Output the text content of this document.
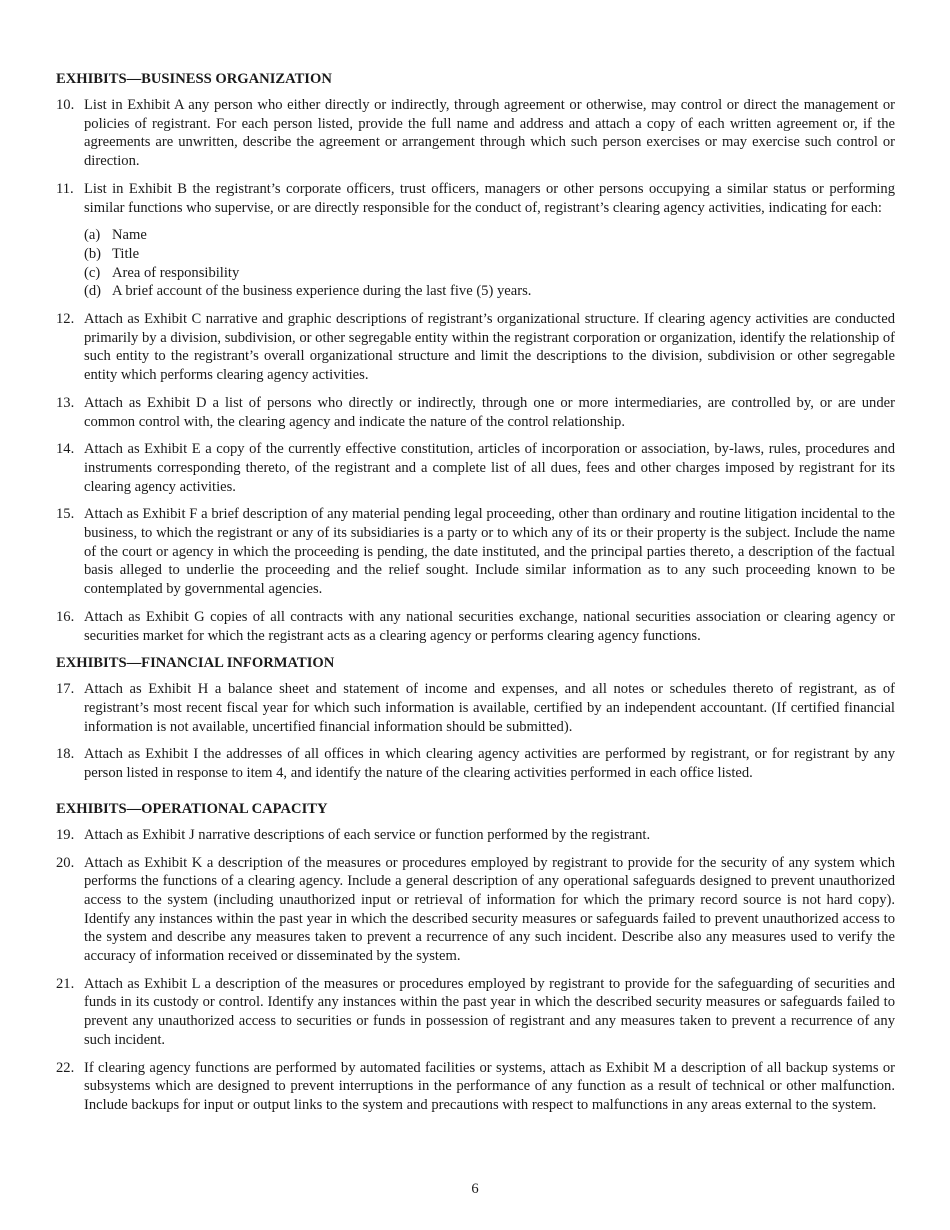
EXHIBITS—BUSINESS ORGANIZATION
10. List in Exhibit A any person who either directly or indirectly, through agreement or otherwise, may control or direct the management or policies of registrant. For each person listed, provide the full name and address and attach a copy of each written agreement or, if the agreements are unwritten, describe the agreement or arrangement through which such person exercises or may exercise such control or direction.
11. List in Exhibit B the registrant’s corporate officers, trust officers, managers or other persons occupying a similar status or performing similar functions who supervise, or are directly responsible for the conduct of, registrant’s clearing agency activities, indicating for each:
(a) Name
(b) Title
(c) Area of responsibility
(d) A brief account of the business experience during the last five (5) years.
12. Attach as Exhibit C narrative and graphic descriptions of registrant’s organizational structure. If clearing agency activities are conducted primarily by a division, subdivision, or other segregable entity within the registrant corporation or organization, identify the relationship of such entity to the registrant’s overall organizational structure and limit the descriptions to the division, subdivision or other segregable entity which performs clearing agency activities.
13. Attach as Exhibit D a list of persons who directly or indirectly, through one or more intermediaries, are controlled by, or are under common control with, the clearing agency and indicate the nature of the control relationship.
14. Attach as Exhibit E a copy of the currently effective constitution, articles of incorporation or association, by-laws, rules, procedures and instruments corresponding thereto, of the registrant and a complete list of all dues, fees and other charges imposed by registrant for its clearing agency activities.
15. Attach as Exhibit F a brief description of any material pending legal proceeding, other than ordinary and routine litigation incidental to the business, to which the registrant or any of its subsidiaries is a party or to which any of its or their property is the subject. Include the name of the court or agency in which the proceeding is pending, the date instituted, and the principal parties thereto, a description of the factual basis alleged to underlie the proceeding and the relief sought. Include similar information as to any such proceeding known to be contemplated by governmental agencies.
16. Attach as Exhibit G copies of all contracts with any national securities exchange, national securities association or clearing agency or securities market for which the registrant acts as a clearing agency or performs clearing agency functions.
EXHIBITS—FINANCIAL INFORMATION
17. Attach as Exhibit H a balance sheet and statement of income and expenses, and all notes or schedules thereto of registrant, as of registrant’s most recent fiscal year for which such information is available, certified by an independent accountant. (If certified financial information is not available, uncertified financial information should be submitted).
18. Attach as Exhibit I the addresses of all offices in which clearing agency activities are performed by registrant, or for registrant by any person listed in response to item 4, and identify the nature of the clearing activities performed in each office listed.
EXHIBITS—OPERATIONAL CAPACITY
19. Attach as Exhibit J narrative descriptions of each service or function performed by the registrant.
20. Attach as Exhibit K a description of the measures or procedures employed by registrant to provide for the security of any system which performs the functions of a clearing agency. Include a general description of any operational safeguards designed to prevent unauthorized access to the system (including unauthorized input or retrieval of information for which the primary record source is not hard copy). Identify any instances within the past year in which the described security measures or safeguards failed to prevent unauthorized access to the system and describe any measures taken to prevent a recurrence of any such incident. Describe also any measures used to verify the accuracy of information received or disseminated by the system.
21. Attach as Exhibit L a description of the measures or procedures employed by registrant to provide for the safeguarding of securities and funds in its custody or control. Identify any instances within the past year in which the described security measures or safeguards failed to prevent any unauthorized access to securities or funds in possession of registrant and any measures taken to prevent a recurrence of any such incident.
22. If clearing agency functions are performed by automated facilities or systems, attach as Exhibit M a description of all backup systems or subsystems which are designed to prevent interruptions in the performance of any function as a result of technical or other malfunction. Include backups for input or output links to the system and precautions with respect to malfunctions in any areas external to the system.
6
